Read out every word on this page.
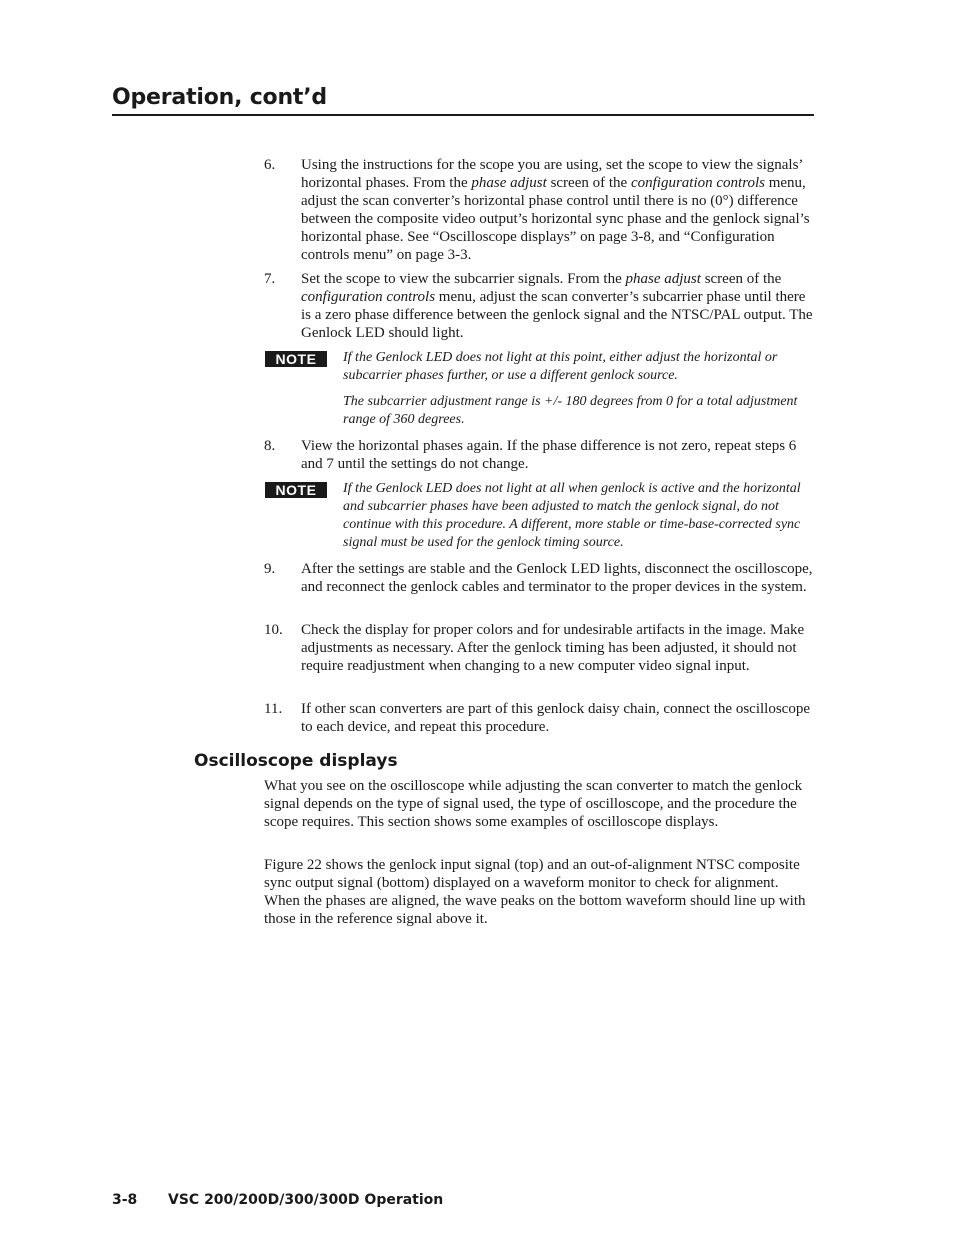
Operation, cont’d
6. Using the instructions for the scope you are using, set the scope to view the signals’ horizontal phases. From the phase adjust screen of the configuration controls menu, adjust the scan converter’s horizontal phase control until there is no (0°) difference between the composite video output’s horizontal sync phase and the genlock signal’s horizontal phase. See “Oscilloscope displays” on page 3-8, and “Configuration controls menu” on page 3-3.
7. Set the scope to view the subcarrier signals. From the phase adjust screen of the configuration controls menu, adjust the scan converter’s subcarrier phase until there is a zero phase difference between the genlock signal and the NTSC/PAL output. The Genlock LED should light.
NOTE	If the Genlock LED does not light at this point, either adjust the horizontal or subcarrier phases further, or use a different genlock source.

The subcarrier adjustment range is +/- 180 degrees from 0 for a total adjustment range of 360 degrees.

8. View the horizontal phases again. If the phase difference is not zero, repeat steps 6 and 7 until the settings do not change.
NOTE	If the Genlock LED does not light at all when genlock is active and the horizontal and subcarrier phases have been adjusted to match the genlock signal, do not continue with this procedure. A different, more stable or time-base-corrected sync signal must be used for the genlock timing source.

9. After the settings are stable and the Genlock LED lights, disconnect the oscilloscope, and reconnect the genlock cables and terminator to the proper devices in the system.
10. Check the display for proper colors and for undesirable artifacts in the image. Make adjustments as necessary. After the genlock timing has been adjusted, it should not require readjustment when changing to a new computer video signal input.
11. If other scan converters are part of this genlock daisy chain, connect the oscilloscope to each device, and repeat this procedure.
Oscilloscope displays
What you see on the oscilloscope while adjusting the scan converter to match the genlock signal depends on the type of signal used, the type of oscilloscope, and the procedure the scope requires. This section shows some examples of oscilloscope displays.
Figure 22 shows the genlock input signal (top) and an out-of-alignment NTSC composite sync output signal (bottom) displayed on a waveform monitor to check for alignment. When the phases are aligned, the wave peaks on the bottom waveform should line up with those in the reference signal above it.
3-8 VSC 200/200D/300/300D Operation
